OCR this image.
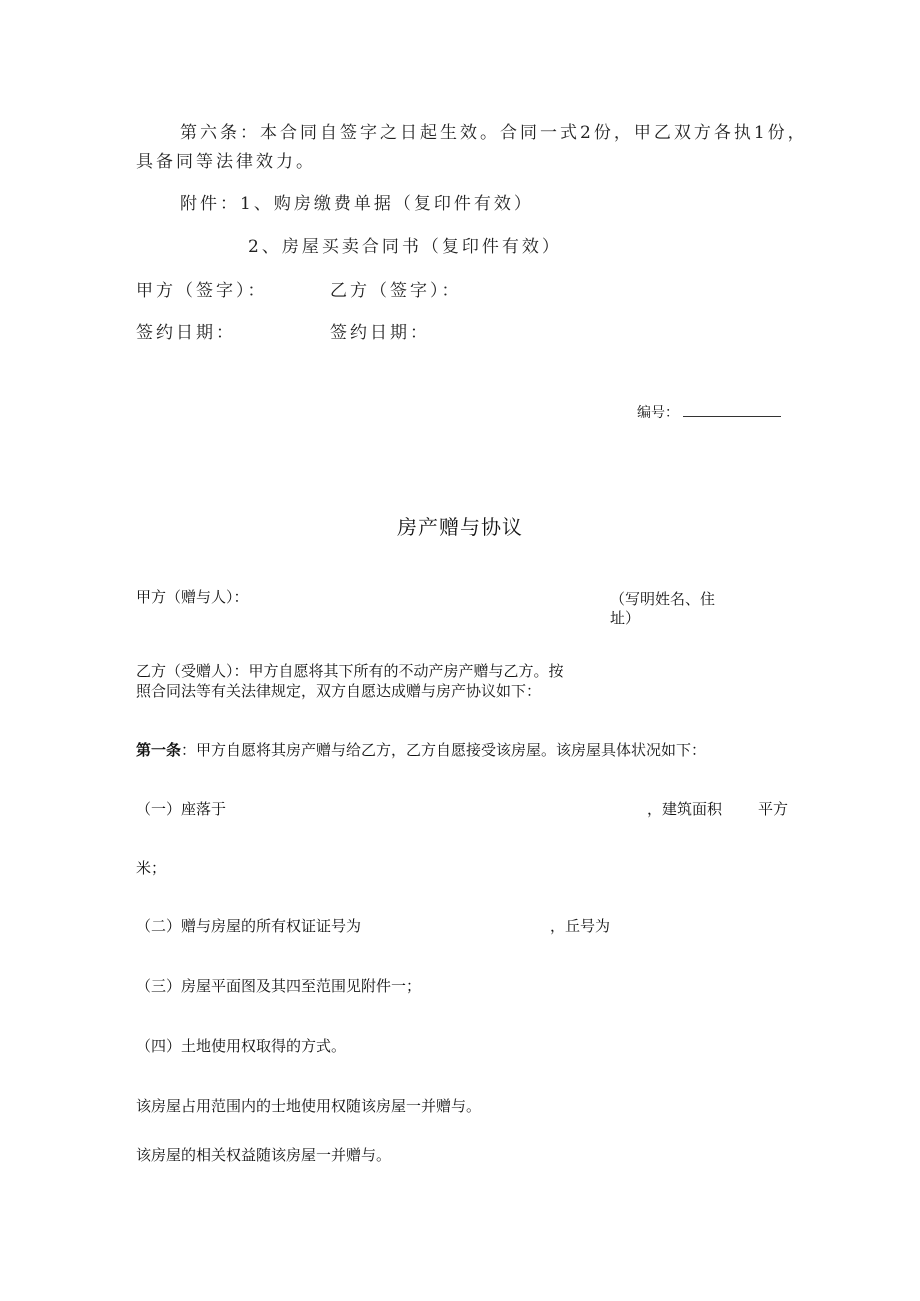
第六条：本合同自签字之日起生效。合同一式2份，甲乙双方各执1份，

具备同等法律效力。

附件：1、购房缴费单据（复印件有效）

2、房屋买卖合同书（复印件有效）

甲方（签字）：	乙方（签字）：

签约日期：	签约日期：

编号：

房产赠与协议

甲方（赠与人）：	（写明姓名、住

址）

乙方（受赠人）：甲方自愿将其下所有的不动产房产赠与乙方。按

照合同法等有关法律规定，双方自愿达成赠与房产协议如下：

第一条：甲方自愿将其房产赠与给乙方，乙方自愿接受该房屋。该房屋具体状况如下：

（一）座落于	，建筑面积 平方

米；

（二）赠与房屋的所有权证证号为	，丘号为

（三）房屋平面图及其四至范围见附件一；

（四）土地使用权取得的方式。

该房屋占用范围内的士地使用权随该房屋一并赠与。

该房屋的相关权益随该房屋一并赠与。
